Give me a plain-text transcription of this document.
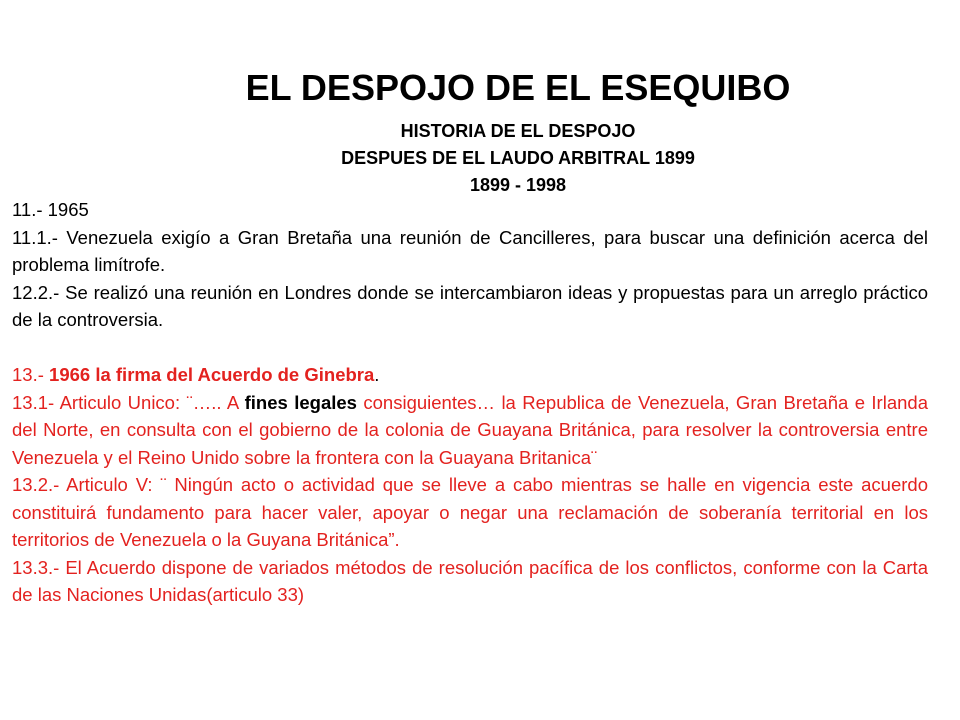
EL DESPOJO DE EL ESEQUIBO
HISTORIA DE EL DESPOJO
DESPUES DE EL LAUDO ARBITRAL 1899
1899 - 1998

11.- 1965

11.1.- Venezuela exigío a Gran Bretaña una reunión de Cancilleres, para buscar una definición acerca del problema limítrofe.

12.2.- Se realizó una reunión en Londres donde se intercambiaron ideas y propuestas para un arreglo práctico de la controversia.

13.- 1966 la firma del Acuerdo de Ginebra.

13.1- Articulo Unico: ¨….. A fines legales consiguientes… la Republica de Venezuela, Gran Bretaña e Irlanda del Norte, en consulta con el gobierno de la colonia de Guayana Británica, para resolver la controversia entre Venezuela y el Reino Unido sobre la frontera con la Guayana Britanica¨

13.2.- Articulo V: ¨ Ningún acto o actividad que se lleve a cabo mientras se halle en vigencia este acuerdo constituirá fundamento para hacer valer, apoyar o negar una reclamación de soberanía territorial en los territorios de Venezuela o la Guyana Británica”.

13.3.- El Acuerdo dispone de variados métodos de resolución pacífica de los conflictos, conforme con la Carta de las Naciones Unidas(articulo 33)
